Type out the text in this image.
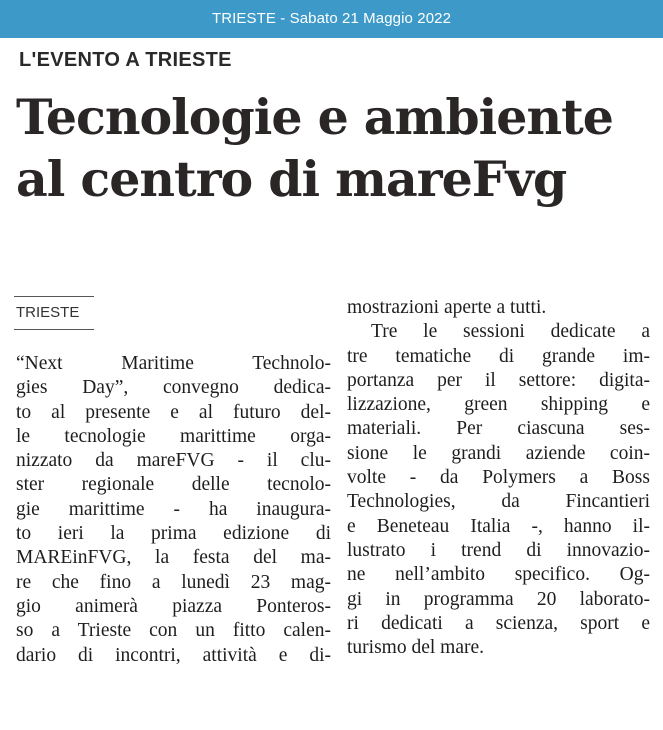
TRIESTE - Sabato 21 Maggio 2022
L'EVENTO A TRIESTE
Tecnologie e ambiente
al centro di mareFvg
TRIESTE
“Next Maritime Technolo-
gies Day”, convegno dedica-
to al presente e al futuro del-
le tecnologie marittime orga-
nizzato da mareFVG - il clu-
ster regionale delle tecnolo-
gie marittime - ha inaugura-
to ieri la prima edizione di
MAREinFVG, la festa del ma-
re che fino a lunedì 23 mag-
gio animerà piazza Ponteros-
so a Trieste con un fitto calen-
dario di incontri, attività e di-
mostrazioni aperte a tutti.
Tre le sessioni dedicate a
tre tematiche di grande im-
portanza per il settore: digita-
lizzazione, green shipping e
materiali. Per ciascuna ses-
sione le grandi aziende coin-
volte - da Polymers a Boss
Technologies, da Fincantieri
e Beneteau Italia -, hanno il-
lustrato i trend di innovazio-
ne nell’ambito specifico. Og-
gi in programma 20 laborato-
ri dedicati a scienza, sport e
turismo del mare.
